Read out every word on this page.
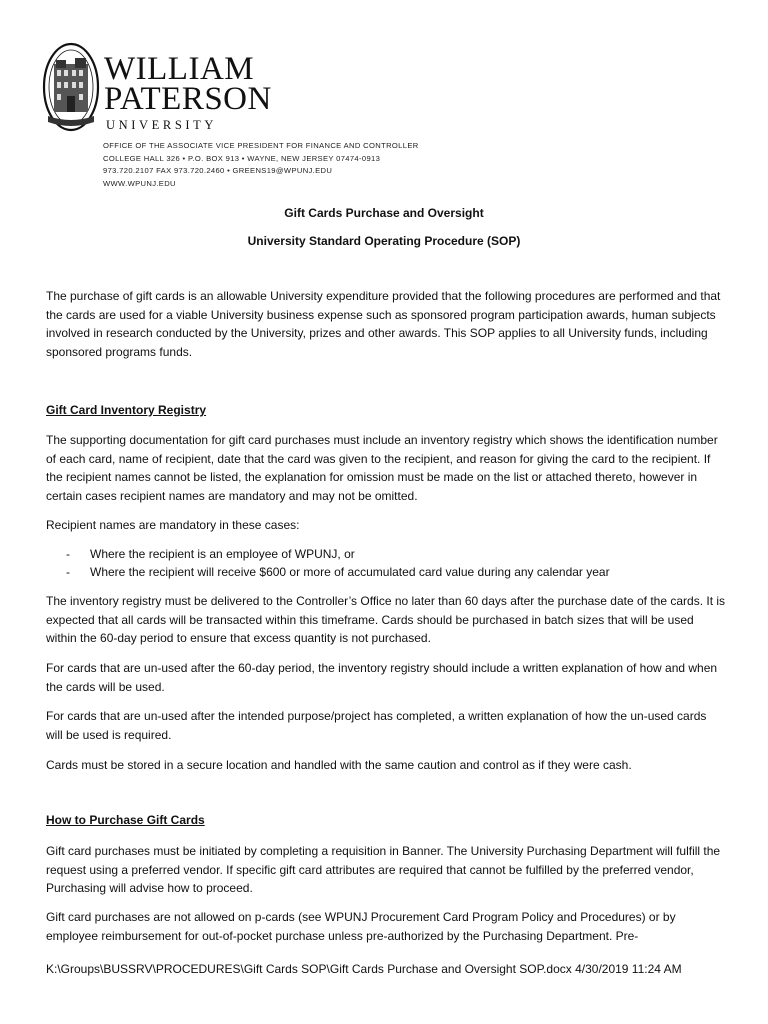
WILLIAM
PATERSON
UNIVERSITY
OFFICE OF THE ASSOCIATE VICE PRESIDENT FOR FINANCE AND CONTROLLER
COLLEGE HALL 326 • P.O. BOX 913 • WAYNE, NEW JERSEY 07474-0913
973.720.2107 FAX 973.720.2460 • GREENS19@WPUNJ.EDU
WWW.WPUNJ.EDU
Gift Cards Purchase and Oversight
University Standard Operating Procedure (SOP)
The purchase of gift cards is an allowable University expenditure provided that the following procedures are performed and that the cards are used for a viable University business expense such as sponsored program participation awards, human subjects involved in research conducted by the University, prizes and other awards. This SOP applies to all University funds, including sponsored programs funds.
Gift Card Inventory Registry
The supporting documentation for gift card purchases must include an inventory registry which shows the identification number of each card, name of recipient, date that the card was given to the recipient, and reason for giving the card to the recipient. If the recipient names cannot be listed, the explanation for omission must be made on the list or attached thereto, however in certain cases recipient names are mandatory and may not be omitted.
Recipient names are mandatory in these cases:
- Where the recipient is an employee of WPUNJ, or
- Where the recipient will receive $600 or more of accumulated card value during any calendar year
The inventory registry must be delivered to the Controller’s Office no later than 60 days after the purchase date of the cards. It is expected that all cards will be transacted within this timeframe. Cards should be purchased in batch sizes that will be used within the 60-day period to ensure that excess quantity is not purchased.
For cards that are un-used after the 60-day period, the inventory registry should include a written explanation of how and when the cards will be used.
For cards that are un-used after the intended purpose/project has completed, a written explanation of how the un-used cards will be used is required.
Cards must be stored in a secure location and handled with the same caution and control as if they were cash.
How to Purchase Gift Cards
Gift card purchases must be initiated by completing a requisition in Banner. The University Purchasing Department will fulfill the request using a preferred vendor. If specific gift card attributes are required that cannot be fulfilled by the preferred vendor, Purchasing will advise how to proceed.
Gift card purchases are not allowed on p-cards (see WPUNJ Procurement Card Program Policy and Procedures) or by employee reimbursement for out-of-pocket purchase unless pre-authorized by the Purchasing Department. Pre-
K:\Groups\BUSSRV\PROCEDURES\Gift Cards SOP\Gift Cards Purchase and Oversight SOP.docx 4/30/2019 11:24 AM
